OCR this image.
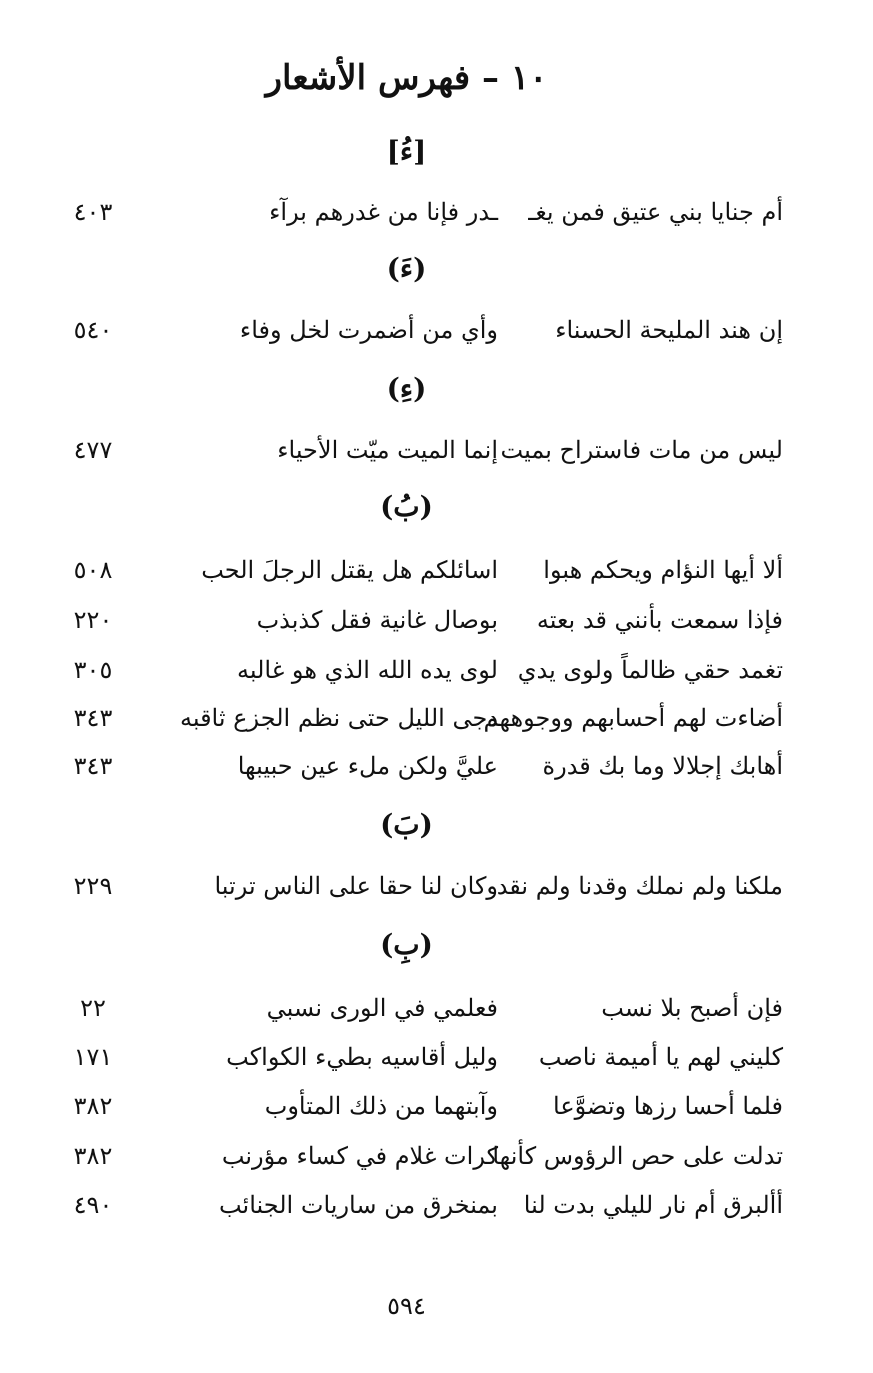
١٠ – فهرس الأشعار
[ءُ]
أم جنايا بني عتيق فمن يغـ
ـدر فإنا من غدرهم برآء
٤٠٣
(ءَ)
إن هند المليحة الحسناء
وأي من أضمرت لخل وفاء
٥٤٠
(ءِ)
ليس من مات فاستراح بميت
إنما الميت ميّت الأحياء
٤٧٧
(بُ)
ألا أيها النؤام ويحكم هبوا
اسائلكم هل يقتل الرجلَ الحب
٥٠٨
فإذا سمعت بأنني قد بعته
بوصال غانية فقل كذبذب
٢٢٠
تغمد حقي ظالماً ولوى يدي
لوى يده الله الذي هو غالبه
٣٠٥
أضاءت لهم أحسابهم ووجوههم
دجى الليل حتى نظم الجزع ثاقبه
٣٤٣
أهابك إجلالا وما بك قدرة
عليَّ ولكن ملء عين حبيبها
٣٤٣
(بَ)
ملكنا ولم نملك وقدنا ولم نقد
وكان لنا حقا على الناس ترتبا
٢٢٩
(بِ)
فإن أصبح بلا نسب
فعلمي في الورى نسبي
٢٢
كليني لهم يا أميمة ناصب
وليل أقاسيه بطيء الكواكب
١٧١
فلما أحسا رزها وتضوَّعا
وآبتهما من ذلك المتأوب
٣٨٢
تدلت على حص الرؤوس كأنها
كرات غلام في كساء مؤرنب
٣٨٢
أألبرق أم نار لليلي بدت لنا
بمنخرق من ساريات الجنائب
٤٩٠
٥٩٤
